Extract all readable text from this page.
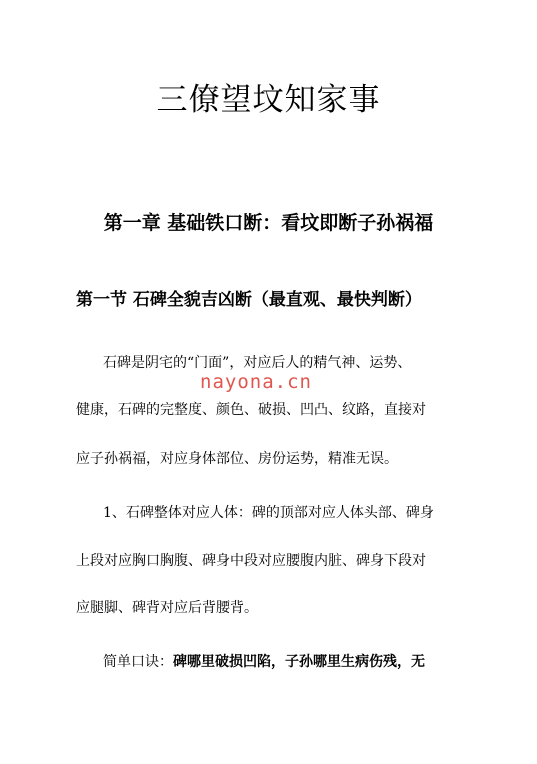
三僚望坟知家事
第一章 基础铁口断：看坟即断子孙祸福
第一节 石碑全貌吉凶断（最直观、最快判断）
石碑是阴宅的“门面”，对应后人的精气神、运势、
健康，石碑的完整度、颜色、破损、凹凸、纹路，直接对
应子孙祸福，对应身体部位、房份运势，精准无误。
nayona.cn
1、石碑整体对应人体：碑的顶部对应人体头部、碑身
上段对应胸口胸腹、碑身中段对应腰腹内脏、碑身下段对
应腿脚、碑背对应后背腰背。
简单口诀：碑哪里破损凹陷，子孙哪里生病伤残，无
